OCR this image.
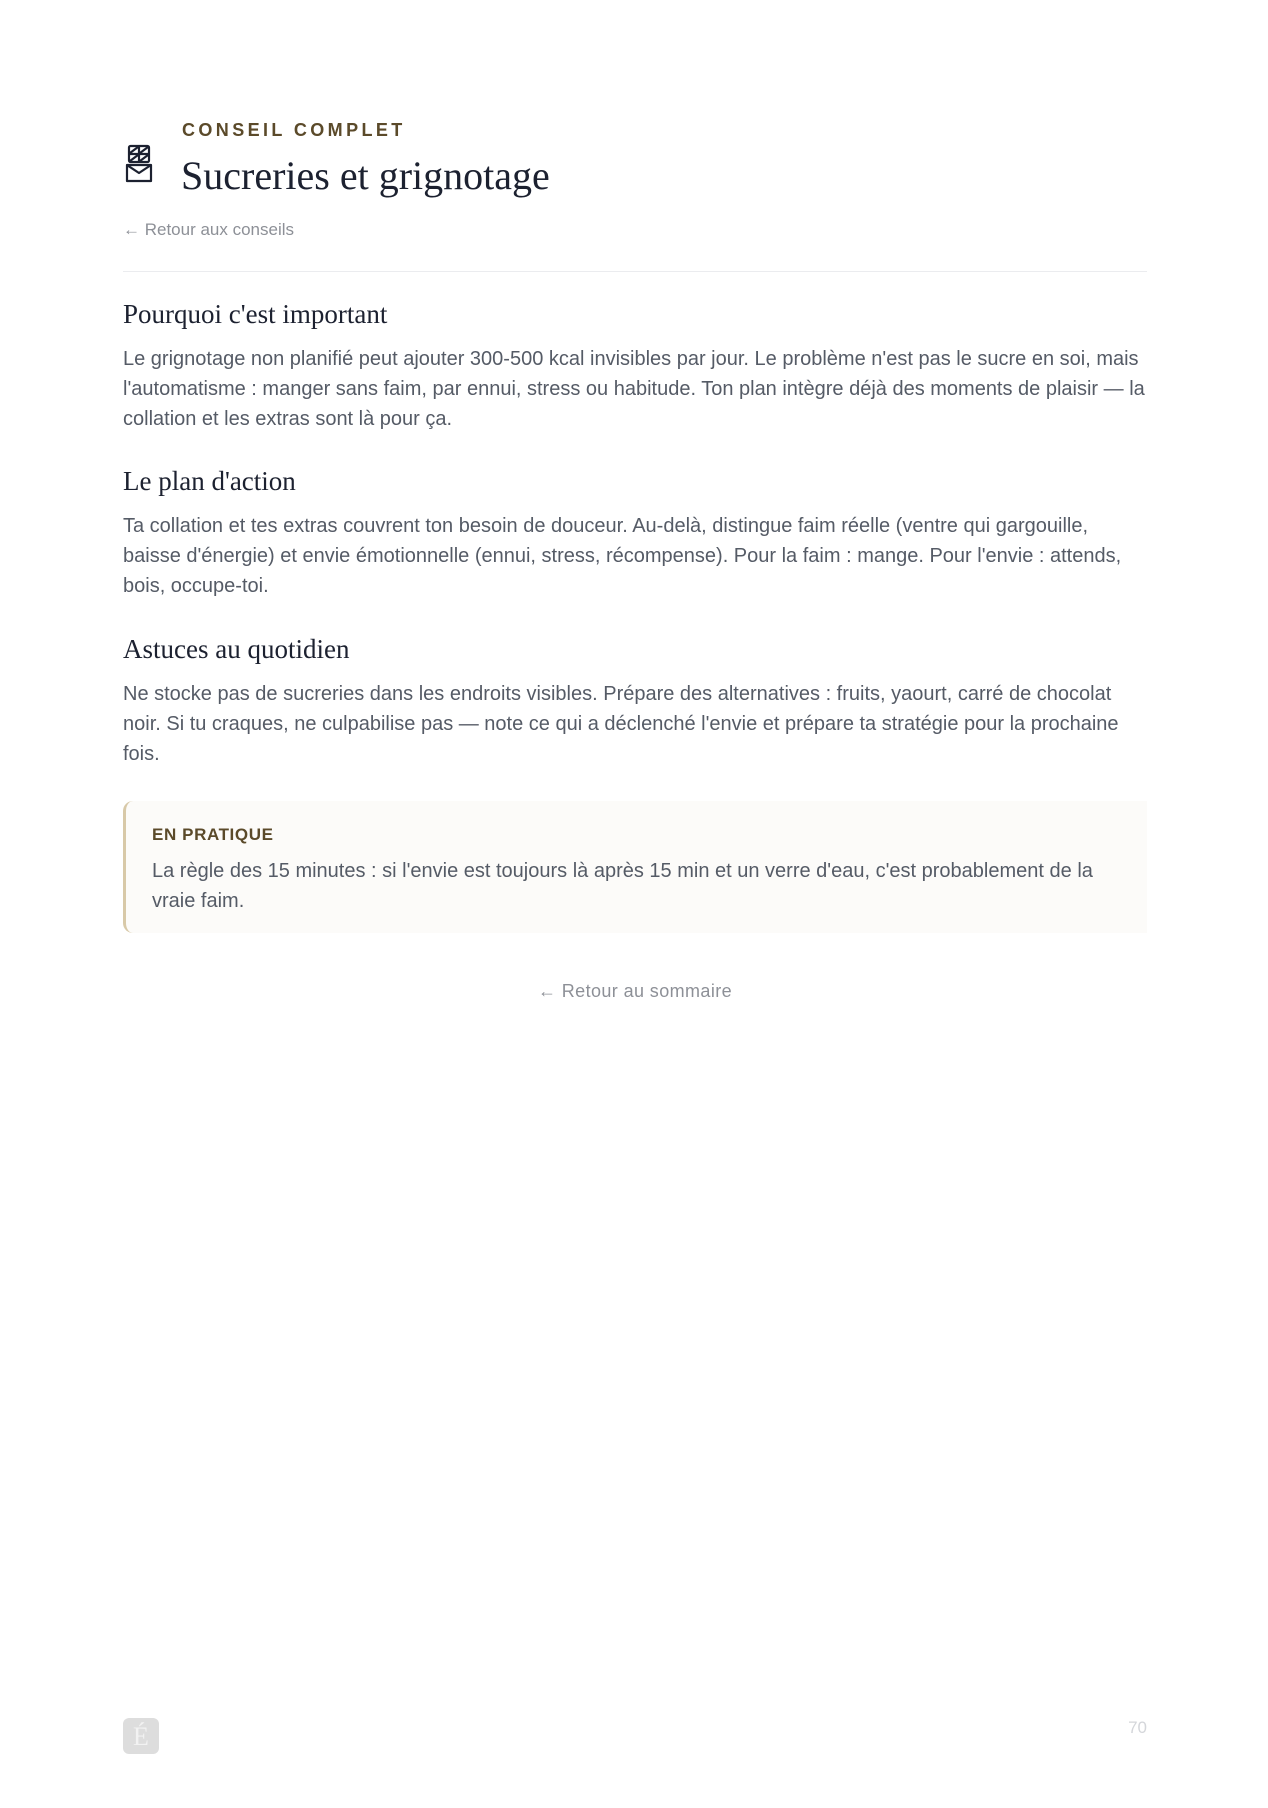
CONSEIL COMPLET
Sucreries et grignotage
← Retour aux conseils
Pourquoi c'est important
Le grignotage non planifié peut ajouter 300-500 kcal invisibles par jour. Le problème n'est pas le sucre en soi, mais l'automatisme : manger sans faim, par ennui, stress ou habitude. Ton plan intègre déjà des moments de plaisir — la collation et les extras sont là pour ça.
Le plan d'action
Ta collation et tes extras couvrent ton besoin de douceur. Au-delà, distingue faim réelle (ventre qui gargouille, baisse d'énergie) et envie émotionnelle (ennui, stress, récompense). Pour la faim : mange. Pour l'envie : attends, bois, occupe-toi.
Astuces au quotidien
Ne stocke pas de sucreries dans les endroits visibles. Prépare des alternatives : fruits, yaourt, carré de chocolat noir. Si tu craques, ne culpabilise pas — note ce qui a déclenché l'envie et prépare ta stratégie pour la prochaine fois.
EN PRATIQUE
La règle des 15 minutes : si l'envie est toujours là après 15 min et un verre d'eau, c'est probablement de la vraie faim.
← Retour au sommaire
É	70
